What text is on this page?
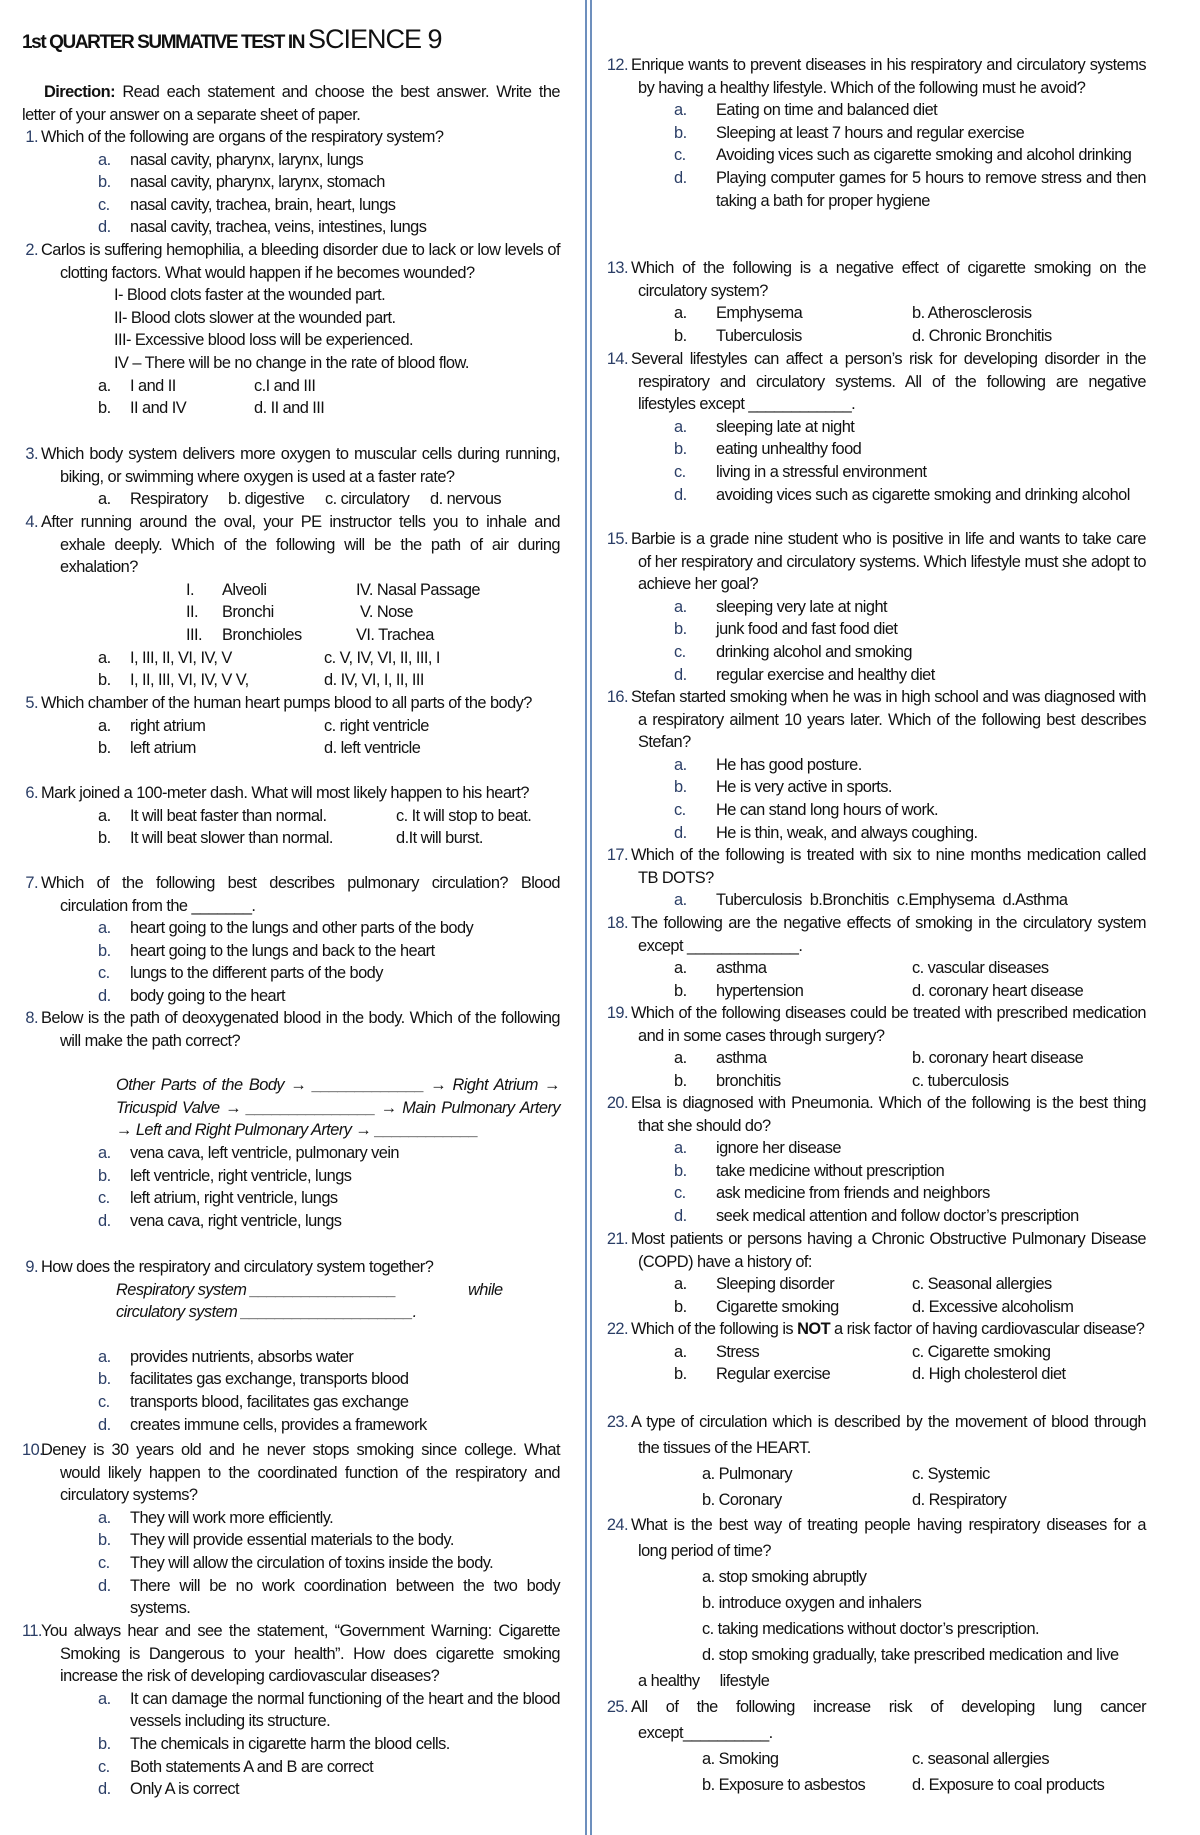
1st QUARTER SUMMATIVE TEST IN SCIENCE 9
Direction: Read each statement and choose the best answer. Write the letter of your answer on a separate sheet of paper.
1. Which of the following are organs of the respiratory system?
a. nasal cavity, pharynx, larynx, lungs
b. nasal cavity, pharynx, larynx, stomach
c. nasal cavity, trachea, brain, heart, lungs
d. nasal cavity, trachea, veins, intestines, lungs
2. Carlos is suffering hemophilia, a bleeding disorder due to lack or low levels of clotting factors. What would happen if he becomes wounded?
I- Blood clots faster at the wounded part.
II- Blood clots slower at the wounded part.
III- Excessive blood loss will be experienced.
IV – There will be no change in the rate of blood flow.
a. I and II	c.I and III
b. II and IV	d. II and III
3. Which body system delivers more oxygen to muscular cells during running, biking, or swimming where oxygen is used at a faster rate?
a. Respiratory b. digestive c. circulatory d. nervous
4. After running around the oval, your PE instructor tells you to inhale and exhale deeply. Which of the following will be the path of air during exhalation?
I. Alveoli	IV. Nasal Passage
II. Bronchi	V. Nose
III. Bronchioles	VI. Trachea
a. I, III, II, VI, IV, V	c. V, IV, VI, II, III, I
b. I, II, III, VI, IV, V V,	d. IV, VI, I, II, III
5. Which chamber of the human heart pumps blood to all parts of the body?
a. right atrium	c. right ventricle
b. left atrium	d. left ventricle
6. Mark joined a 100-meter dash. What will most likely happen to his heart?
a. It will beat faster than normal.	c. It will stop to beat.
b. It will beat slower than normal.	d.It will burst.
7. Which of the following best describes pulmonary circulation? Blood circulation from the _______.
a. heart going to the lungs and other parts of the body
b. heart going to the lungs and back to the heart
c. lungs to the different parts of the body
d. body going to the heart
8. Below is the path of deoxygenated blood in the body. Which of the following will make the path correct?
Other Parts of the Body → _____________ → Right Atrium → Tricuspid Valve → _______________ → Main Pulmonary Artery → Left and Right Pulmonary Artery → ____________
a. vena cava, left ventricle, pulmonary vein
b. left ventricle, right ventricle, lungs
c. left atrium, right ventricle, lungs
d. vena cava, right ventricle, lungs
9. How does the respiratory and circulatory system together?
Respiratory system _________________	while
circulatory system ____________________.
a. provides nutrients, absorbs water
b. facilitates gas exchange, transports blood
c. transports blood, facilitates gas exchange
d. creates immune cells, provides a framework
10.Deney is 30 years old and he never stops smoking since college. What would likely happen to the coordinated function of the respiratory and circulatory systems?
a. They will work more efficiently.
b. They will provide essential materials to the body.
c. They will allow the circulation of toxins inside the body.
d. There will be no work coordination between the two body systems.
11.You always hear and see the statement, “Government Warning: Cigarette Smoking is Dangerous to your health”. How does cigarette smoking increase the risk of developing cardiovascular diseases?
a. It can damage the normal functioning of the heart and the blood vessels including its structure.
b. The chemicals in cigarette harm the blood cells.
c. Both statements A and B are correct
d. Only A is correct
12. Enrique wants to prevent diseases in his respiratory and circulatory systems by having a healthy lifestyle. Which of the following must he avoid?
a. Eating on time and balanced diet
b. Sleeping at least 7 hours and regular exercise
c. Avoiding vices such as cigarette smoking and alcohol drinking
d. Playing computer games for 5 hours to remove stress and then taking a bath for proper hygiene
13. Which of the following is a negative effect of cigarette smoking on the circulatory system?
a. Emphysema	b. Atherosclerosis
b. Tuberculosis	d. Chronic Bronchitis
14. Several lifestyles can affect a person’s risk for developing disorder in the respiratory and circulatory systems. All of the following are negative lifestyles except ____________.
a. sleeping late at night
b. eating unhealthy food
c. living in a stressful environment
d. avoiding vices such as cigarette smoking and drinking alcohol
15. Barbie is a grade nine student who is positive in life and wants to take care of her respiratory and circulatory systems. Which lifestyle must she adopt to achieve her goal?
a. sleeping very late at night
b. junk food and fast food diet
c. drinking alcohol and smoking
d. regular exercise and healthy diet
16. Stefan started smoking when he was in high school and was diagnosed with a respiratory ailment 10 years later. Which of the following best describes Stefan?
a. He has good posture.
b. He is very active in sports.
c. He can stand long hours of work.
d. He is thin, weak, and always coughing.
17. Which of the following is treated with six to nine months medication called TB DOTS?
a. Tuberculosis  b.Bronchitis  c.Emphysema  d.Asthma
18. The following are the negative effects of smoking in the circulatory system except _____________.
a. asthma	c. vascular diseases
b. hypertension	d. coronary heart disease
19. Which of the following diseases could be treated with prescribed medication and in some cases through surgery?
a. asthma	b. coronary heart disease
b. bronchitis	c. tuberculosis
20. Elsa is diagnosed with Pneumonia. Which of the following is the best thing that she should do?
a. ignore her disease
b. take medicine without prescription
c. ask medicine from friends and neighbors
d. seek medical attention and follow doctor’s prescription
21. Most patients or persons having a Chronic Obstructive Pulmonary Disease (COPD) have a history of:
a. Sleeping disorder	c. Seasonal allergies
b. Cigarette smoking	d. Excessive alcoholism
22. Which of the following is NOT a risk factor of having cardiovascular disease?
a. Stress	c. Cigarette smoking
b. Regular exercise	d. High cholesterol diet
23. A type of circulation which is described by the movement of blood through the tissues of the HEART.
a. Pulmonary	c. Systemic
b. Coronary	d. Respiratory
24. What is the best way of treating people having respiratory diseases for a long period of time?
a. stop smoking abruptly
b. introduce oxygen and inhalers
c. taking medications without doctor’s prescription.
d. stop smoking gradually, take prescribed medication and live
a healthy     lifestyle
25. All of the following increase risk of developing lung cancer except__________.
a. Smoking	c. seasonal allergies
b. Exposure to asbestos	d. Exposure to coal products
